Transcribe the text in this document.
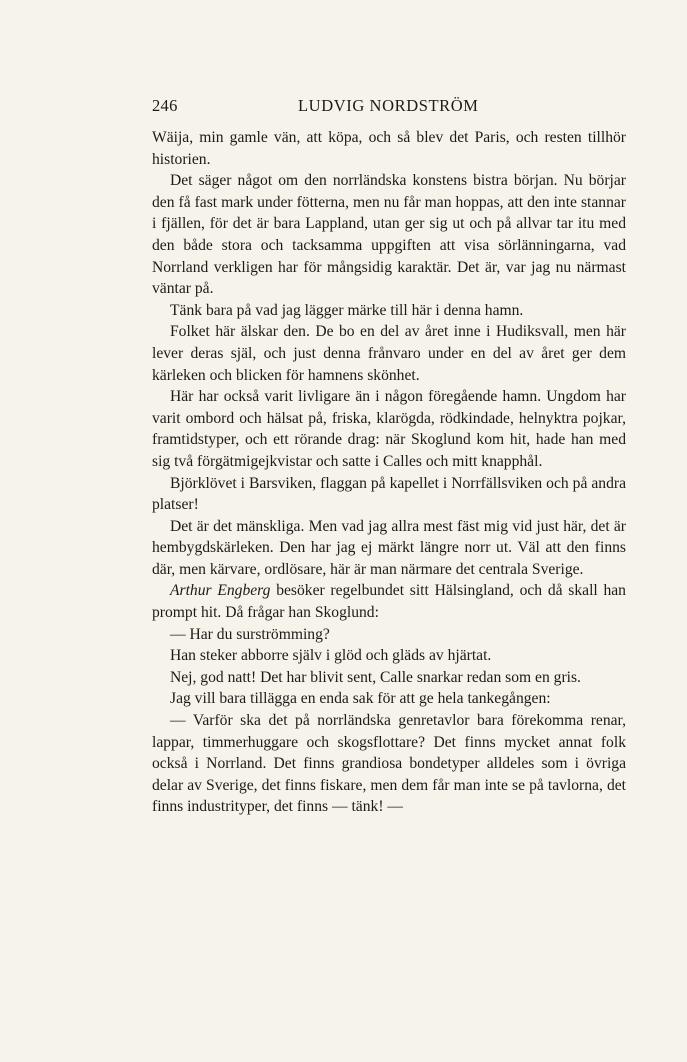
246	LUDVIG NORDSTRÖM

Wäija, min gamle vän, att köpa, och så blev det Paris, och resten tillhör historien.

Det säger något om den norrländska konstens bistra början. Nu börjar den få fast mark under fötterna, men nu får man hoppas, att den inte stannar i fjällen, för det är bara Lappland, utan ger sig ut och på allvar tar itu med den både stora och tacksamma uppgiften att visa sörlänningarna, vad Norrland verkligen har för mångsidig karaktär. Det är, var jag nu närmast väntar på.

Tänk bara på vad jag lägger märke till här i denna hamn.

Folket här älskar den. De bo en del av året inne i Hudiksvall, men här lever deras själ, och just denna frånvaro under en del av året ger dem kärleken och blicken för hamnens skönhet.

Här har också varit livligare än i någon föregående hamn. Ungdom har varit ombord och hälsat på, friska, klarögda, rödkindade, helnyktra pojkar, framtidstyper, och ett rörande drag: när Skoglund kom hit, hade han med sig två förgätmigejkvistar och satte i Calles och mitt knapphål.

Björklövet i Barsviken, flaggan på kapellet i Norrfällsviken och på andra platser!

Det är det mänskliga. Men vad jag allra mest fäst mig vid just här, det är hembygdskärleken. Den har jag ej märkt längre norr ut. Väl att den finns där, men kärvare, ordlösare, här är man närmare det centrala Sverige.

Arthur Engberg besöker regelbundet sitt Hälsingland, och då skall han prompt hit. Då frågar han Skoglund:

— Har du surströmming?

Han steker abborre själv i glöd och gläds av hjärtat.

Nej, god natt! Det har blivit sent, Calle snarkar redan som en gris.

Jag vill bara tillägga en enda sak för att ge hela tankegången:

— Varför ska det på norrländska genretavlor bara förekomma renar, lappar, timmerhuggare och skogsflottare? Det finns mycket annat folk också i Norrland. Det finns grandiosa bondetyper alldeles som i övriga delar av Sverige, det finns fiskare, men dem får man inte se på tavlorna, det finns industrityper, det finns — tänk! —
